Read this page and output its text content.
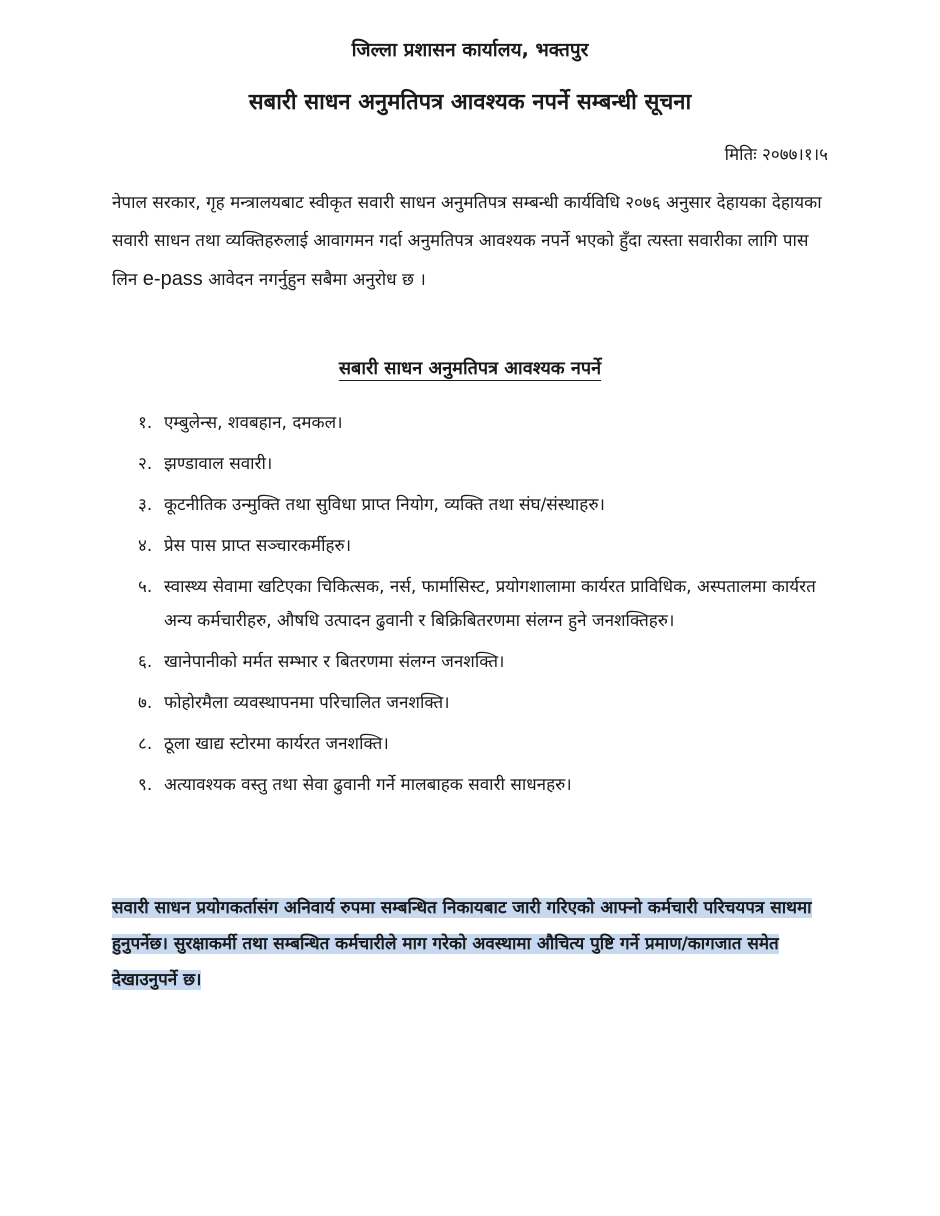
जिल्ला प्रशासन कार्यालय, भक्तपुर
सबारी साधन अनुमतिपत्र आवश्यक नपर्ने सम्बन्धी सूचना
मितिः २०७७।१।५

नेपाल सरकार, गृह मन्त्रालयबाट स्वीकृत सवारी साधन अनुमतिपत्र सम्बन्धी कार्यविधि २०७६ अनुसार देहायका देहायका सवारी साधन तथा व्यक्तिहरुलाई आवागमन गर्दा अनुमतिपत्र आवश्यक नपर्ने भएको हुँदा त्यस्ता सवारीका लागि पास लिन e-pass आवेदन नगर्नुहुन सबैमा अनुरोध छ ।

सबारी साधन अनुमतिपत्र आवश्यक नपर्ने
१. एम्बुलेन्स, शवबहान, दमकल।
२. झण्डावाल सवारी।
३. कूटनीतिक उन्मुक्ति तथा सुविधा प्राप्त नियोग, व्यक्ति तथा संघ/संस्थाहरु।
४. प्रेस पास प्राप्त सञ्चारकर्मीहरु।
५. स्वास्थ्य सेवामा खटिएका चिकित्सक, नर्स, फार्मासिस्ट, प्रयोगशालामा कार्यरत प्राविधिक, अस्पतालमा कार्यरत अन्य कर्मचारीहरु, औषधि उत्पादन ढुवानी र बिक्रिबितरणमा संलग्न हुने जनशक्तिहरु।
६. खानेपानीको मर्मत सम्भार र बितरणमा संलग्न जनशक्ति।
७. फोहोरमैला व्यवस्थापनमा परिचालित जनशक्ति।
८. ठूला खाद्य स्टोरमा कार्यरत जनशक्ति।
९. अत्यावश्यक वस्तु तथा सेवा ढुवानी गर्ने मालबाहक सवारी साधनहरु।

सवारी साधन प्रयोगकर्तासंग अनिवार्य रुपमा सम्बन्धित निकायबाट जारी गरिएको आफ्नो कर्मचारी परिचयपत्र साथमा हुनुपर्नेछ। सुरक्षाकर्मी तथा सम्बन्धित कर्मचारीले माग गरेको अवस्थामा औचित्य पुष्टि गर्ने प्रमाण/कागजात समेत देखाउनुपर्ने छ।
